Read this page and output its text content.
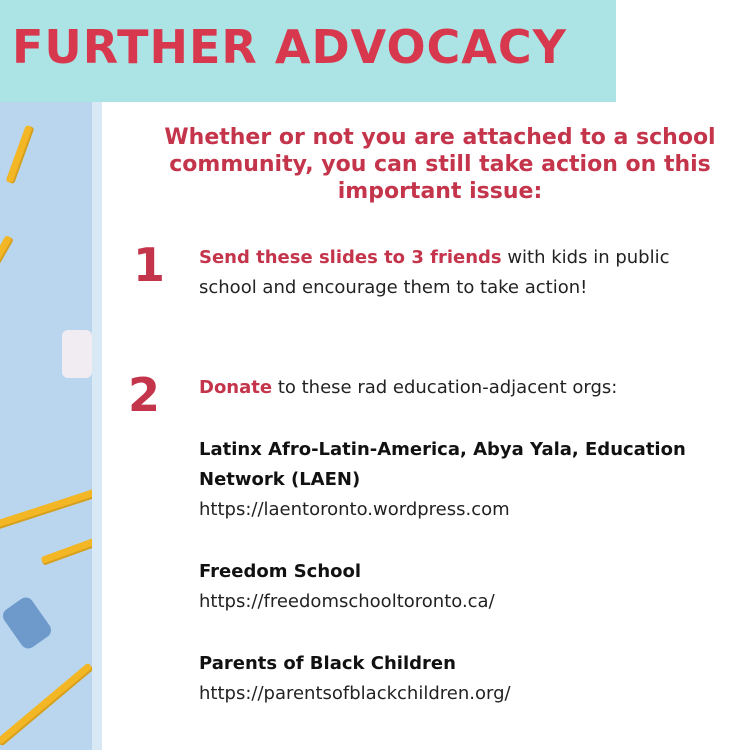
FURTHER ADVOCACY

Whether or not you are attached to a school community, you can still take action on this important issue:

1 Send these slides to 3 friends with kids in public school and encourage them to take action!
2 Donate to these rad education-adjacent orgs:
Latinx Afro-Latin-America, Abya Yala, Education Network (LAEN)
https://laentoronto.wordpress.com
Freedom School
https://freedomschooltoronto.ca/
Parents of Black Children
https://parentsofblackchildren.org/
